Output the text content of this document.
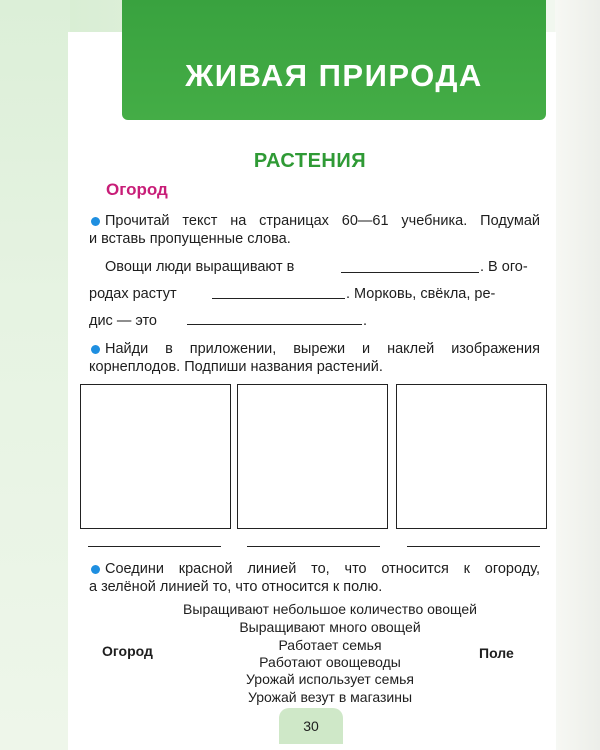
ЖИВАЯ ПРИРОДА
РАСТЕНИЯ
Огород
Прочитай текст на страницах 60—61 учебника. Подумай
и вставь пропущенные слова.
Овощи люди выращивают в	. В ого-
родах растут	. Морковь, свёкла, ре-
дис — это	.
Найди в приложении, вырежи и наклей изображения
корнеплодов. Подпиши названия растений.
Соедини красной линией то, что относится к огороду,
а зелёной линией то, что относится к полю.
Огород	Поле
Выращивают небольшое количество овощей
Выращивают много овощей
Работает семья
Работают овощеводы
Урожай использует семья
Урожай везут в магазины
30
